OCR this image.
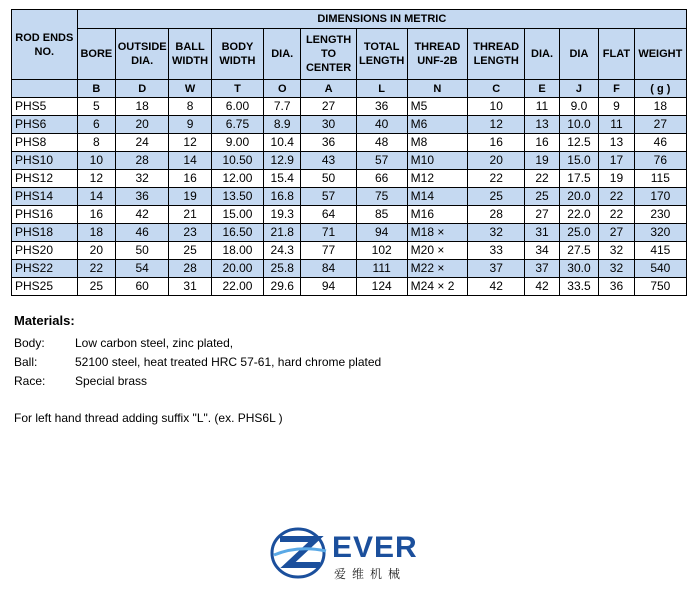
ROD ENDS NO.	DIMENSIONS IN METRIC												
	BORE	OUTSIDE DIA.	BALL WIDTH	BODY WIDTH	DIA.	LENGTH TO CENTER	TOTAL LENGTH	THREAD UNF-2B	THREAD LENGTH	DIA.	DIA	FLAT	WEIGHT
	B	D	W	T	O	A	L	N	C	E	J	F	( g )
PHS5	5	18	8	6.00	7.7	27	36	M5	10	11	9.0	9	18
PHS6	6	20	9	6.75	8.9	30	40	M6	12	13	10.0	11	27
PHS8	8	24	12	9.00	10.4	36	48	M8	16	16	12.5	13	46
PHS10	10	28	14	10.50	12.9	43	57	M10	20	19	15.0	17	76
PHS12	12	32	16	12.00	15.4	50	66	M12	22	22	17.5	19	115
PHS14	14	36	19	13.50	16.8	57	75	M14	25	25	20.0	22	170
PHS16	16	42	21	15.00	19.3	64	85	M16	28	27	22.0	22	230
PHS18	18	46	23	16.50	21.8	71	94	M18 ×	32	31	25.0	27	320
PHS20	20	50	25	18.00	24.3	77	102	M20 ×	33	34	27.5	32	415
PHS22	22	54	28	20.00	25.8	84	111	M22 ×	37	37	30.0	32	540
PHS25	25	60	31	22.00	29.6	94	124	M24 × 2	42	42	33.5	36	750
Materials:
Body:	Low carbon steel, zinc plated,
Ball:	52100 steel, heat treated HRC 57-61, hard chrome plated
Race: Special brass
For left hand thread adding suffix "L". (ex. PHS6L )
EVER
爱维机械
